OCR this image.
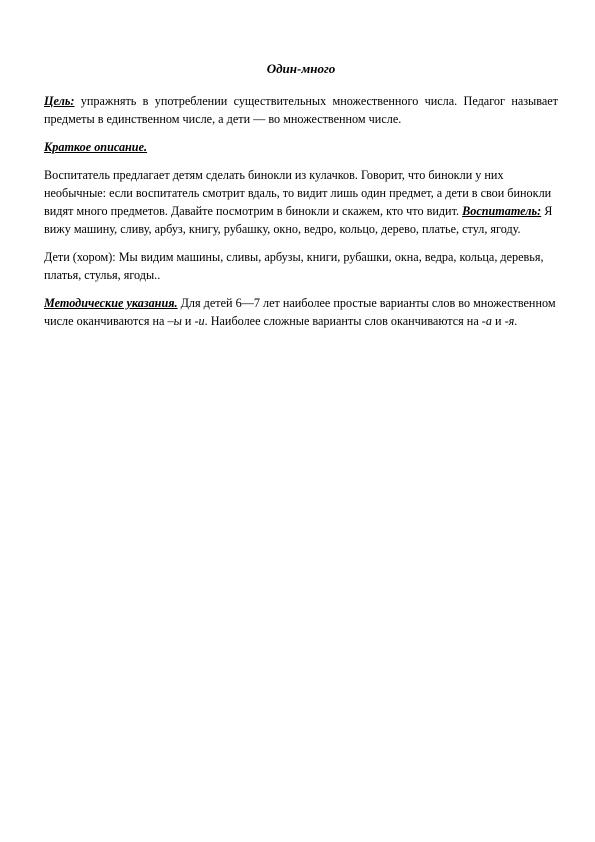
Один-много

Цель: упражнять в употреблении существительных множественного числа. Педагог называет предметы в единственном числе, а дети — во множественном числе.

Краткое описание.

Воспитатель предлагает детям сделать бинокли из кулачков. Говорит, что бинокли у них необычные: если воспитатель смотрит вдаль, то видит лишь один предмет, а дети в свои бинокли видят много предметов. Давайте посмотрим в бинокли и скажем, кто что видит. Воспитатель: Я вижу машину, сливу, арбуз, книгу, рубашку, окно, ведро, кольцо, дерево, платье, стул, ягоду.

Дети (хором): Мы видим машины, сливы, арбузы, книги, рубашки, окна, ведра, кольца, деревья, платья, стулья, ягоды..

Методические указания. Для детей 6—7 лет наиболее простые варианты слов во множественном числе оканчиваются на –ы и -и. Наиболее сложные варианты слов оканчиваются на -а и -я.
